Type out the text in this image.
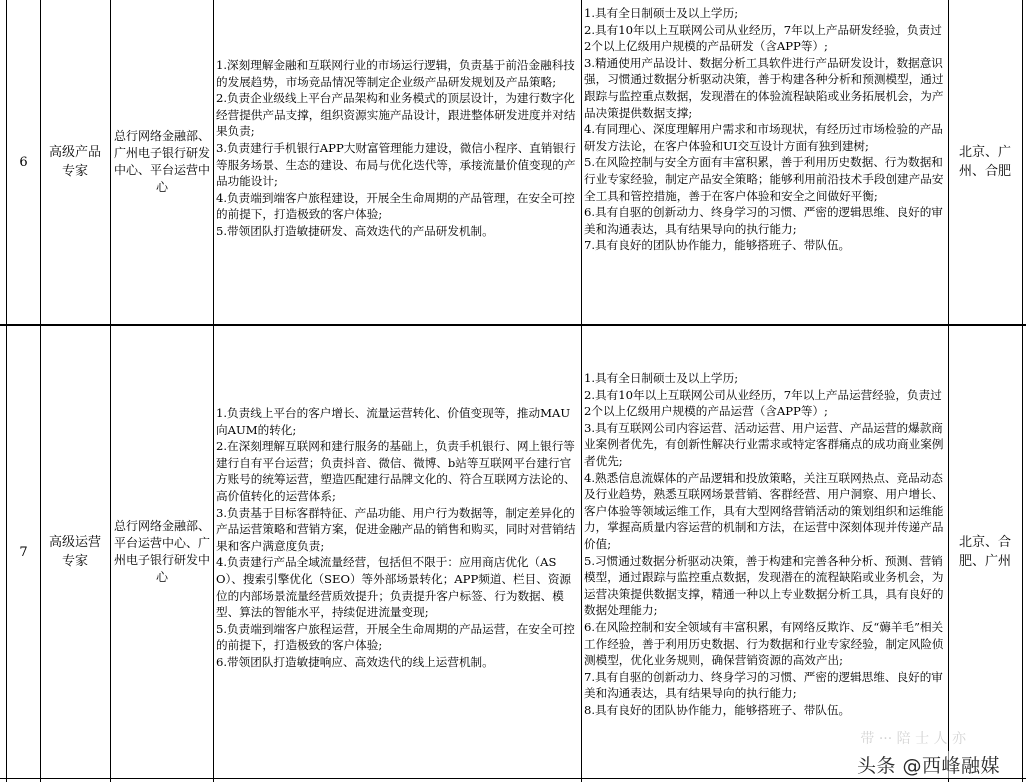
6
高级产品专家
总行网络金融部、广州电子银行研发中心、平台运营中心

1.深刻理解金融和互联网行业的市场运行逻辑，负责基于前沿金融科技的发展趋势，市场竞品情况等制定企业级产品研发规划及产品策略;

2.负责企业级线上平台产品架构和业务模式的顶层设计，为建行数字化经营提供产品支撑，组织资源实施产品设计，跟进整体研发进度并对结果负责;

3.负责建行手机银行APP大财富管理能力建设，微信小程序、直销银行等服务场景、生态的建设、布局与优化迭代等，承接流量价值变现的产品功能设计;

4.负责端到端客户旅程建设，开展全生命周期的产品管理，在安全可控的前提下，打造极致的客户体验;

5.带领团队打造敏捷研发、高效迭代的产品研发机制。

1.具有全日制硕士及以上学历;

2.具有10年以上互联网公司从业经历，7年以上产品研发经验，负责过2个以上亿级用户规模的产品研发（含APP等）;

3.精通使用产品设计、数据分析工具软件进行产品研发设计，数据意识强，习惯通过数据分析驱动决策，善于构建各种分析和预测模型，通过跟踪与监控重点数据，发现潜在的体验流程缺陷或业务拓展机会，为产品决策提供数据支撑;

4.有同理心、深度理解用户需求和市场现状，有经历过市场检验的产品研发方法论，在客户体验和UI交互设计方面有独到建树;

5.在风险控制与安全方面有丰富积累，善于利用历史数据、行为数据和行业专家经验，制定产品安全策略；能够利用前沿技术手段创建产品安全工具和管控措施，善于在客户体验和安全之间做好平衡;

6.具有自驱的创新动力、终身学习的习惯、严密的逻辑思维、良好的审美和沟通表达，具有结果导向的执行能力;

7.具有良好的团队协作能力，能够搭班子、带队伍。

北京、广州、合肥
7
高级运营专家
总行网络金融部、平台运营中心、广州电子银行研发中心

1.负责线上平台的客户增长、流量运营转化、价值变现等，推动MAU向AUM的转化;

2.在深刻理解互联网和建行服务的基础上，负责手机银行、网上银行等建行自有平台运营；负责抖音、微信、微博、b站等互联网平台建行官方账号的统筹运营，塑造匹配建行品牌文化的、符合互联网方法论的、高价值转化的运营体系;

3.负责基于目标客群特征、产品功能、用户行为数据等，制定差异化的产品运营策略和营销方案，促进金融产品的销售和购买，同时对营销结果和客户满意度负责;

4.负责建行产品全域流量经营，包括但不限于：应用商店优化（ASO）、搜索引擎优化（SEO）等外部场景转化；APP频道、栏目、资源位的内部场景流量经营质效提升；负责提升客户标签、行为数据、模型、算法的智能水平，持续促进流量变现;

5.负责端到端客户旅程运营，开展全生命周期的产品运营，在安全可控的前提下，打造极致的客户体验;

6.带领团队打造敏捷响应、高效迭代的线上运营机制。

1.具有全日制硕士及以上学历;

2.具有10年以上互联网公司从业经历，7年以上产品运营经验，负责过2个以上亿级用户规模的产品运营（含APP等）;

3.具有互联网公司内容运营、活动运营、用户运营、产品运营的爆款商业案例者优先，有创新性解决行业需求或特定客群痛点的成功商业案例者优先;

4.熟悉信息流媒体的产品逻辑和投放策略，关注互联网热点、竞品动态及行业趋势，熟悉互联网场景营销、客群经营、用户洞察、用户增长、客户体验等领域运维工作，具有大型网络营销活动的策划组织和运维能力，掌握高质量内容运营的机制和方法，在运营中深刻体现并传递产品价值;

5.习惯通过数据分析驱动决策，善于构建和完善各种分析、预测、营销模型，通过跟踪与监控重点数据，发现潜在的流程缺陷或业务机会，为运营决策提供数据支撑，精通一种以上专业数据分析工具，具有良好的数据处理能力;

6.在风险控制和安全领域有丰富积累，有网络反欺诈、反“薅羊毛”相关工作经验，善于利用历史数据、行为数据和行业专家经验，制定风险侦测模型，优化业务规则，确保营销资源的高效产出;

7.具有自驱的创新动力、终身学习的习惯、严密的逻辑思维、良好的审美和沟通表达，具有结果导向的执行能力;

8.具有良好的团队协作能力，能够搭班子、带队伍。

北京、合肥、广州
带 ··· 陪 士 人 亦
头条 @西峰融媒
